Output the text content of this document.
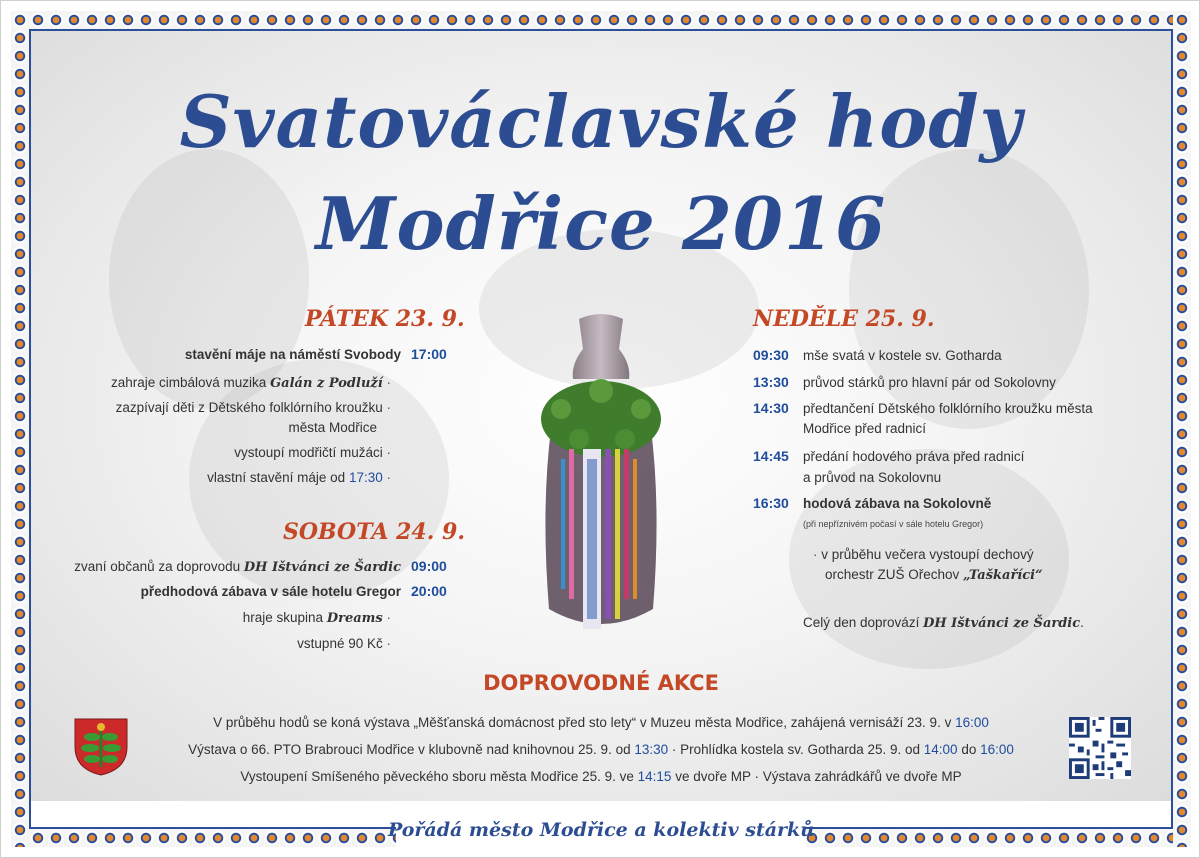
Svatováclavské hody
Modřice 2016
PÁTEK 23. 9.
stavění máje na náměstí Svobody 17:00
zahraje cimbálová muzika Galán z Podluží ·
zazpívají děti z Dětského folklórního kroužku ·
města Modřice
vystoupí modřičtí mužáci ·
vlastní stavění máje od 17:30 ·
SOBOTA 24. 9.
zvaní občanů za doprovodu DH Ištvánci ze Šardic 09:00
předhodová zábava v sále hotelu Gregor 20:00
hraje skupina Dreams ·
vstupné 90 Kč ·
NEDĚLE 25. 9.
09:30 mše svatá v kostele sv. Gotharda
13:30 průvod stárků pro hlavní pár od Sokolovny
14:30 předtančení Dětského folklórního kroužku města
Modřice před radnicí
14:45 předání hodového práva před radnicí
a průvod na Sokolovnu
16:30 hodová zábava na Sokolovně
(při nepříznivém počasí v sále hotelu Gregor)
· v průběhu večera vystoupí dechový
orchestr ZUŠ Ořechov „Taškaříci“
Celý den doprovází DH Ištvánci ze Šardic.
DOPROVODNÉ AKCE
V průběhu hodů se koná výstava „Měšťanská domácnost před sto lety“ v Muzeu města Modřice, zahájená vernisáží 23. 9. v 16:00
Výstava o 66. PTO Brabrouci Modřice v klubovně nad knihovnou 25. 9. od 13:30 · Prohlídka kostela sv. Gotharda 25. 9. od 14:00 do 16:00
Vystoupení Smíšeného pěveckého sboru města Modřice 25. 9. ve 14:15 ve dvoře MP · Výstava zahrádkářů ve dvoře MP
Pořádá město Modřice a kolektiv stárků
